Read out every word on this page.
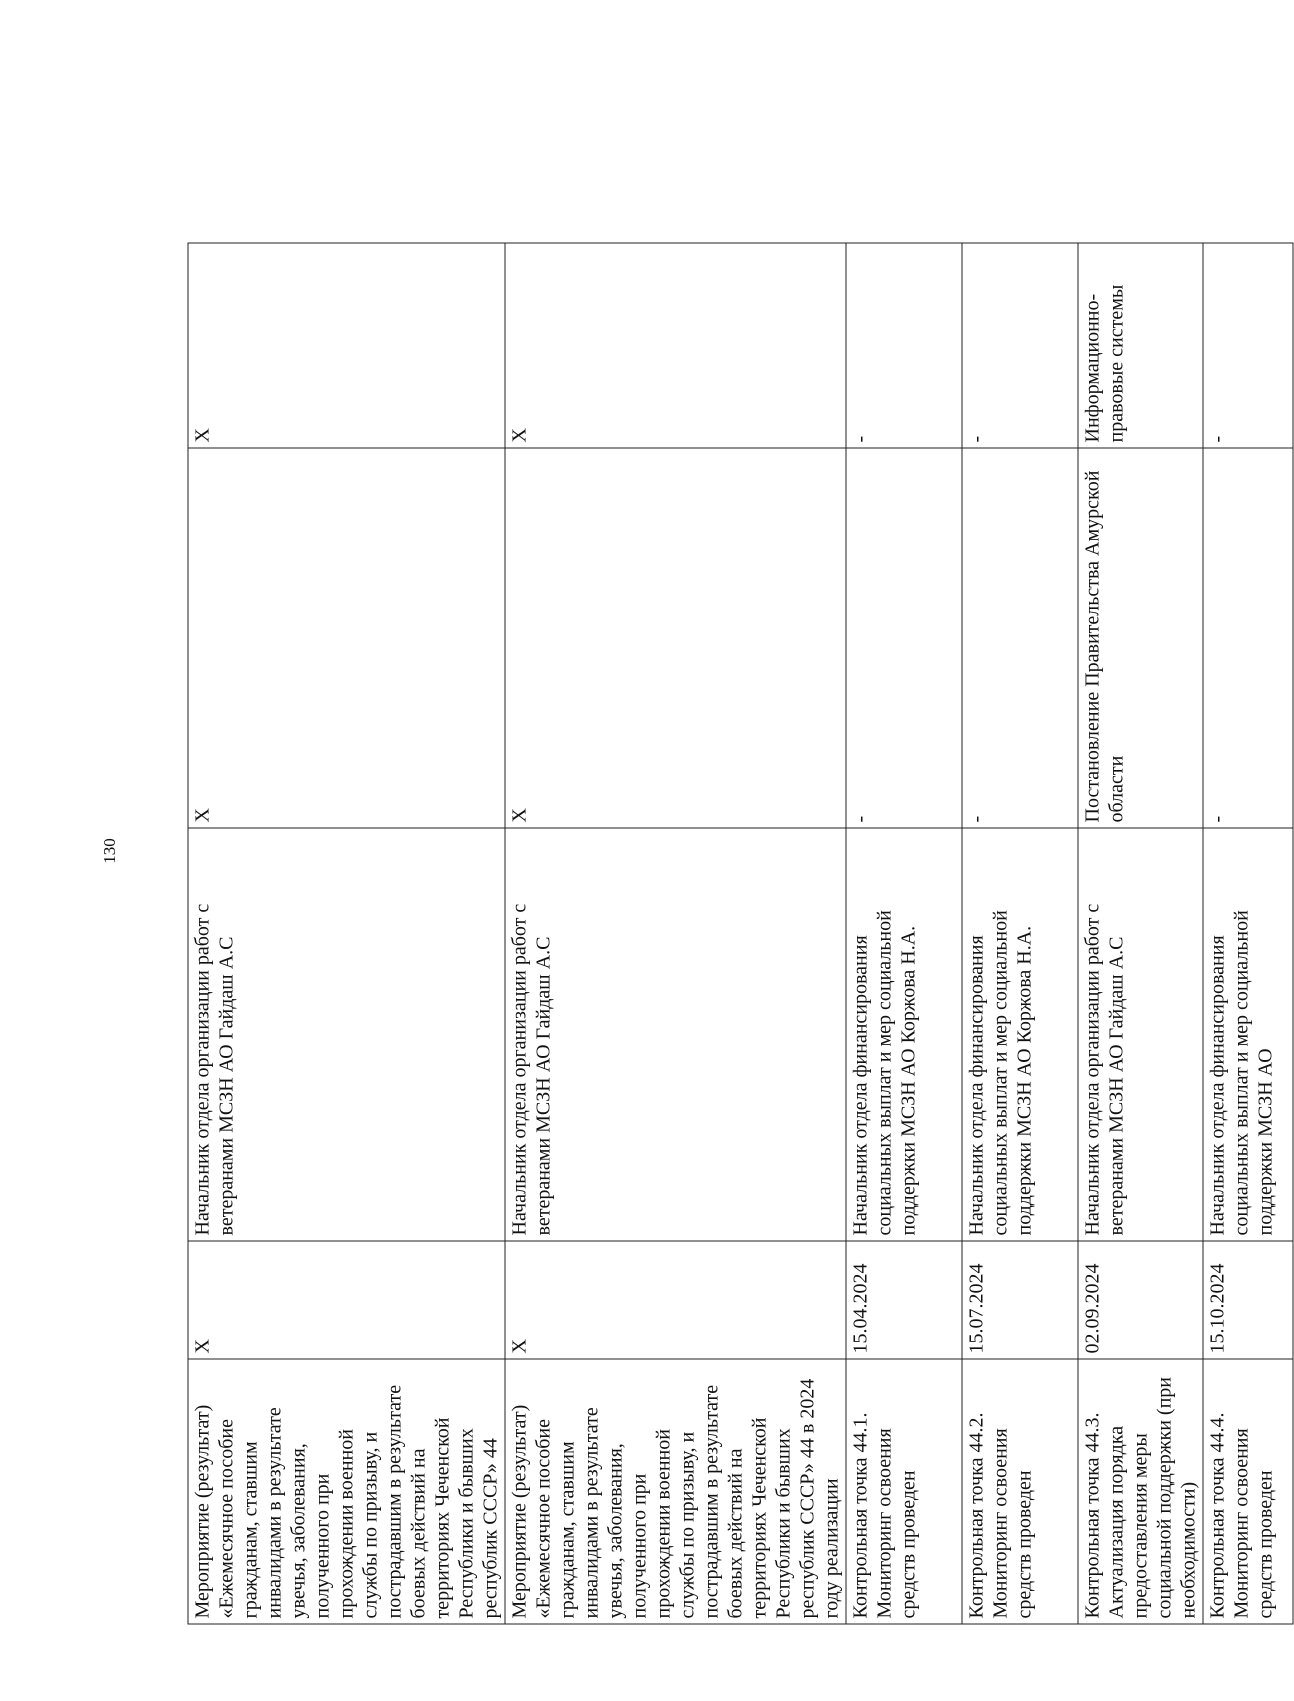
130
Мероприятие (результат) «Ежемесячное пособие гражданам, ставшим инвалидами в результате увечья, заболевания, полученного при прохождении военной службы по призыву, и пострадавшим в результате боевых действий на территориях Чеченской Республики и бывших республик СССР» 44	X	Начальник отдела организации работ с ветеранами МСЗН АО Гайдаш А.С	X	X
Мероприятие (результат) «Ежемесячное пособие гражданам, ставшим инвалидами в результате увечья, заболевания, полученного при прохождении военной службы по призыву, и пострадавшим в результате боевых действий на территориях Чеченской Республики и бывших республик СССР» 44 в 2024 году реализации	X	Начальник отдела организации работ с ветеранами МСЗН АО Гайдаш А.С	X	X
Контрольная точка 44.1. Мониторинг освоения средств проведен	15.04.2024	Начальник отдела финансирования социальных выплат и мер социальной поддержки МСЗН АО Коржова Н.А.	-	-
Контрольная точка 44.2. Мониторинг освоения средств проведен	15.07.2024	Начальник отдела финансирования социальных выплат и мер социальной поддержки МСЗН АО Коржова Н.А.	-	-
Контрольная точка 44.3. Актуализация порядка предоставления меры социальной поддержки (при необходимости)	02.09.2024	Начальник отдела организации работ с ветеранами МСЗН АО Гайдаш А.С	Постановление Правительства Амурской области	Информационно-правовые системы
Контрольная точка 44.4. Мониторинг освоения средств проведен	15.10.2024	Начальник отдела финансирования социальных выплат и мер социальной поддержки МСЗН АО	-	-
